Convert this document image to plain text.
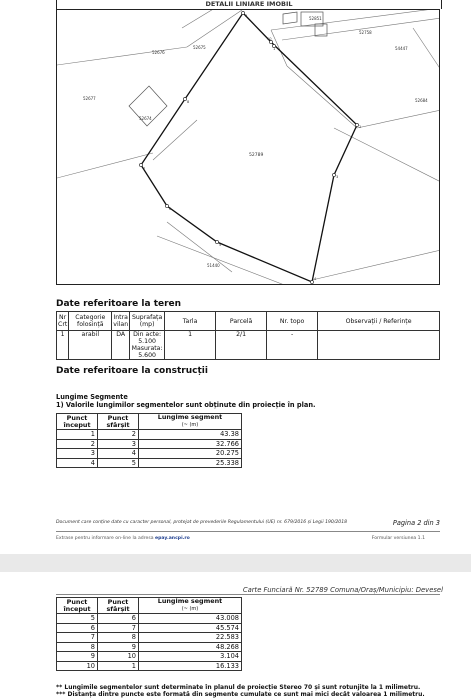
DETALII LINIARE IMOBIL
52789
52851
52758
54447
52676
52675
52677
52674
52684
51440
10
1
2
3
4
5
6
7
8
9
Date referitoare la teren
Nr Crt	Categorie folosință	Intra vilan	Suprafața (mp)	Tarla	Parcelă	Nr. topo	Observații / Referințe
1	arabil	DA	Din acte: 5.100 Masurata: 5.600	1	2/1	-	
Date referitoare la construcții
Lungime Segmente
1) Valorile lungimilor segmentelor sunt obținute din proiecție în plan.
Punct început	Punct sfârșit	Lungime segment
(~ (m)
1	2	43.38
2	3	32.766
3	4	20.275
4	5	25.338
Document care conține date cu caracter personal, protejat de prevederile Regulamentului (UE) nr. 679/2016 și Legii 190/2018	Pagina 2 din 3
Extrase pentru informare on-line la adresa epay.ancpi.ro	Formular versiunea 1.1
Carte Funciară Nr. 52789 Comuna/Oraș/Municipiu: Devesel
Punct început	Punct sfârșit	Lungime segment
(~ (m)
5	6	43.008
6	7	45.574
7	8	22.583
8	9	48.268
9	10	3.104
10	1	16.133
** Lungimile segmentelor sunt determinate în planul de proiecție Stereo 70 și sunt rotunjite la 1 milimetru.
*** Distanța dintre puncte este formată din segmente cumulate ce sunt mai mici decât valoarea 1 milimetru.
